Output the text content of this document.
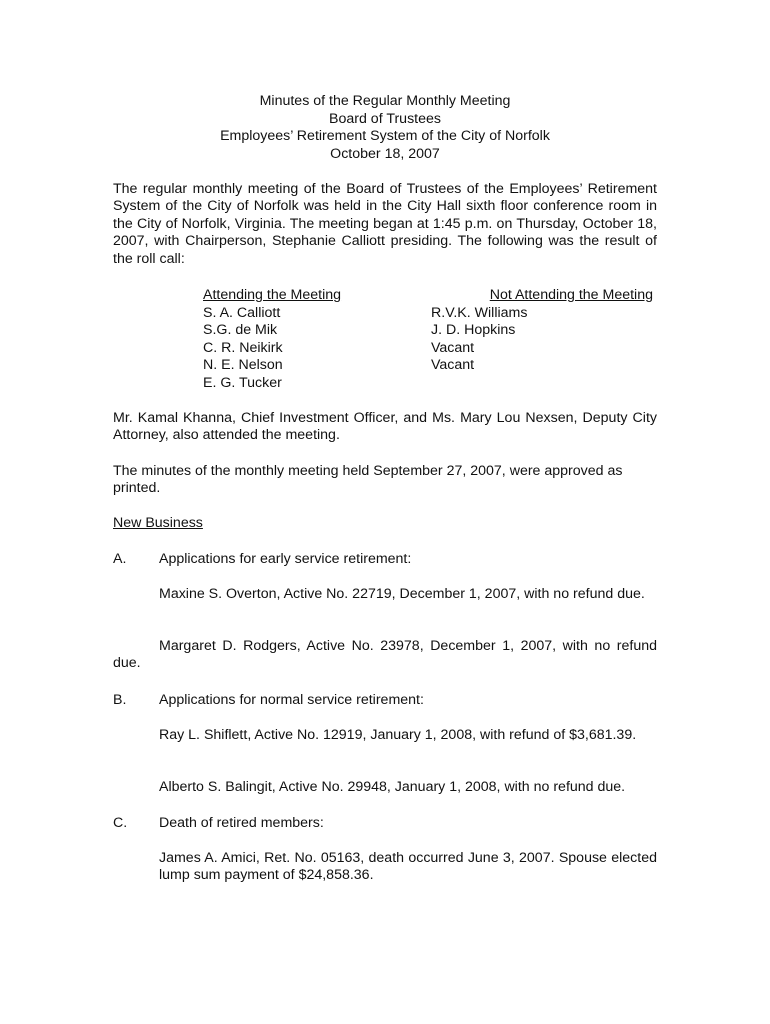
Minutes of the Regular Monthly Meeting
Board of Trustees
Employees’ Retirement System of the City of Norfolk
October 18, 2007
The regular monthly meeting of the Board of Trustees of the Employees’ Retirement System of the City of Norfolk was held in the City Hall sixth floor conference room in the City of Norfolk, Virginia. The meeting began at 1:45 p.m. on Thursday, October 18, 2007, with Chairperson, Stephanie Calliott presiding. The following was the result of the roll call:
Attending the Meeting
S. A. Calliott
S.G. de Mik
C. R. Neikirk
N. E. Nelson
E. G. Tucker
Not Attending the Meeting
R.V.K. Williams
J. D. Hopkins
Vacant
Vacant
Mr. Kamal Khanna, Chief Investment Officer, and Ms. Mary Lou Nexsen, Deputy City Attorney, also attended the meeting.
The minutes of the monthly meeting held September 27, 2007, were approved as printed.
New Business
A. Applications for early service retirement:
Maxine S. Overton, Active No. 22719, December 1, 2007, with no refund due.
Margaret D. Rodgers, Active No. 23978, December 1, 2007, with no refund due.
B. Applications for normal service retirement:
Ray L. Shiflett, Active No. 12919, January 1, 2008, with refund of $3,681.39.
Alberto S. Balingit, Active No. 29948, January 1, 2008, with no refund due.
C. Death of retired members:
James A. Amici, Ret. No. 05163, death occurred June 3, 2007. Spouse elected lump sum payment of $24,858.36.
